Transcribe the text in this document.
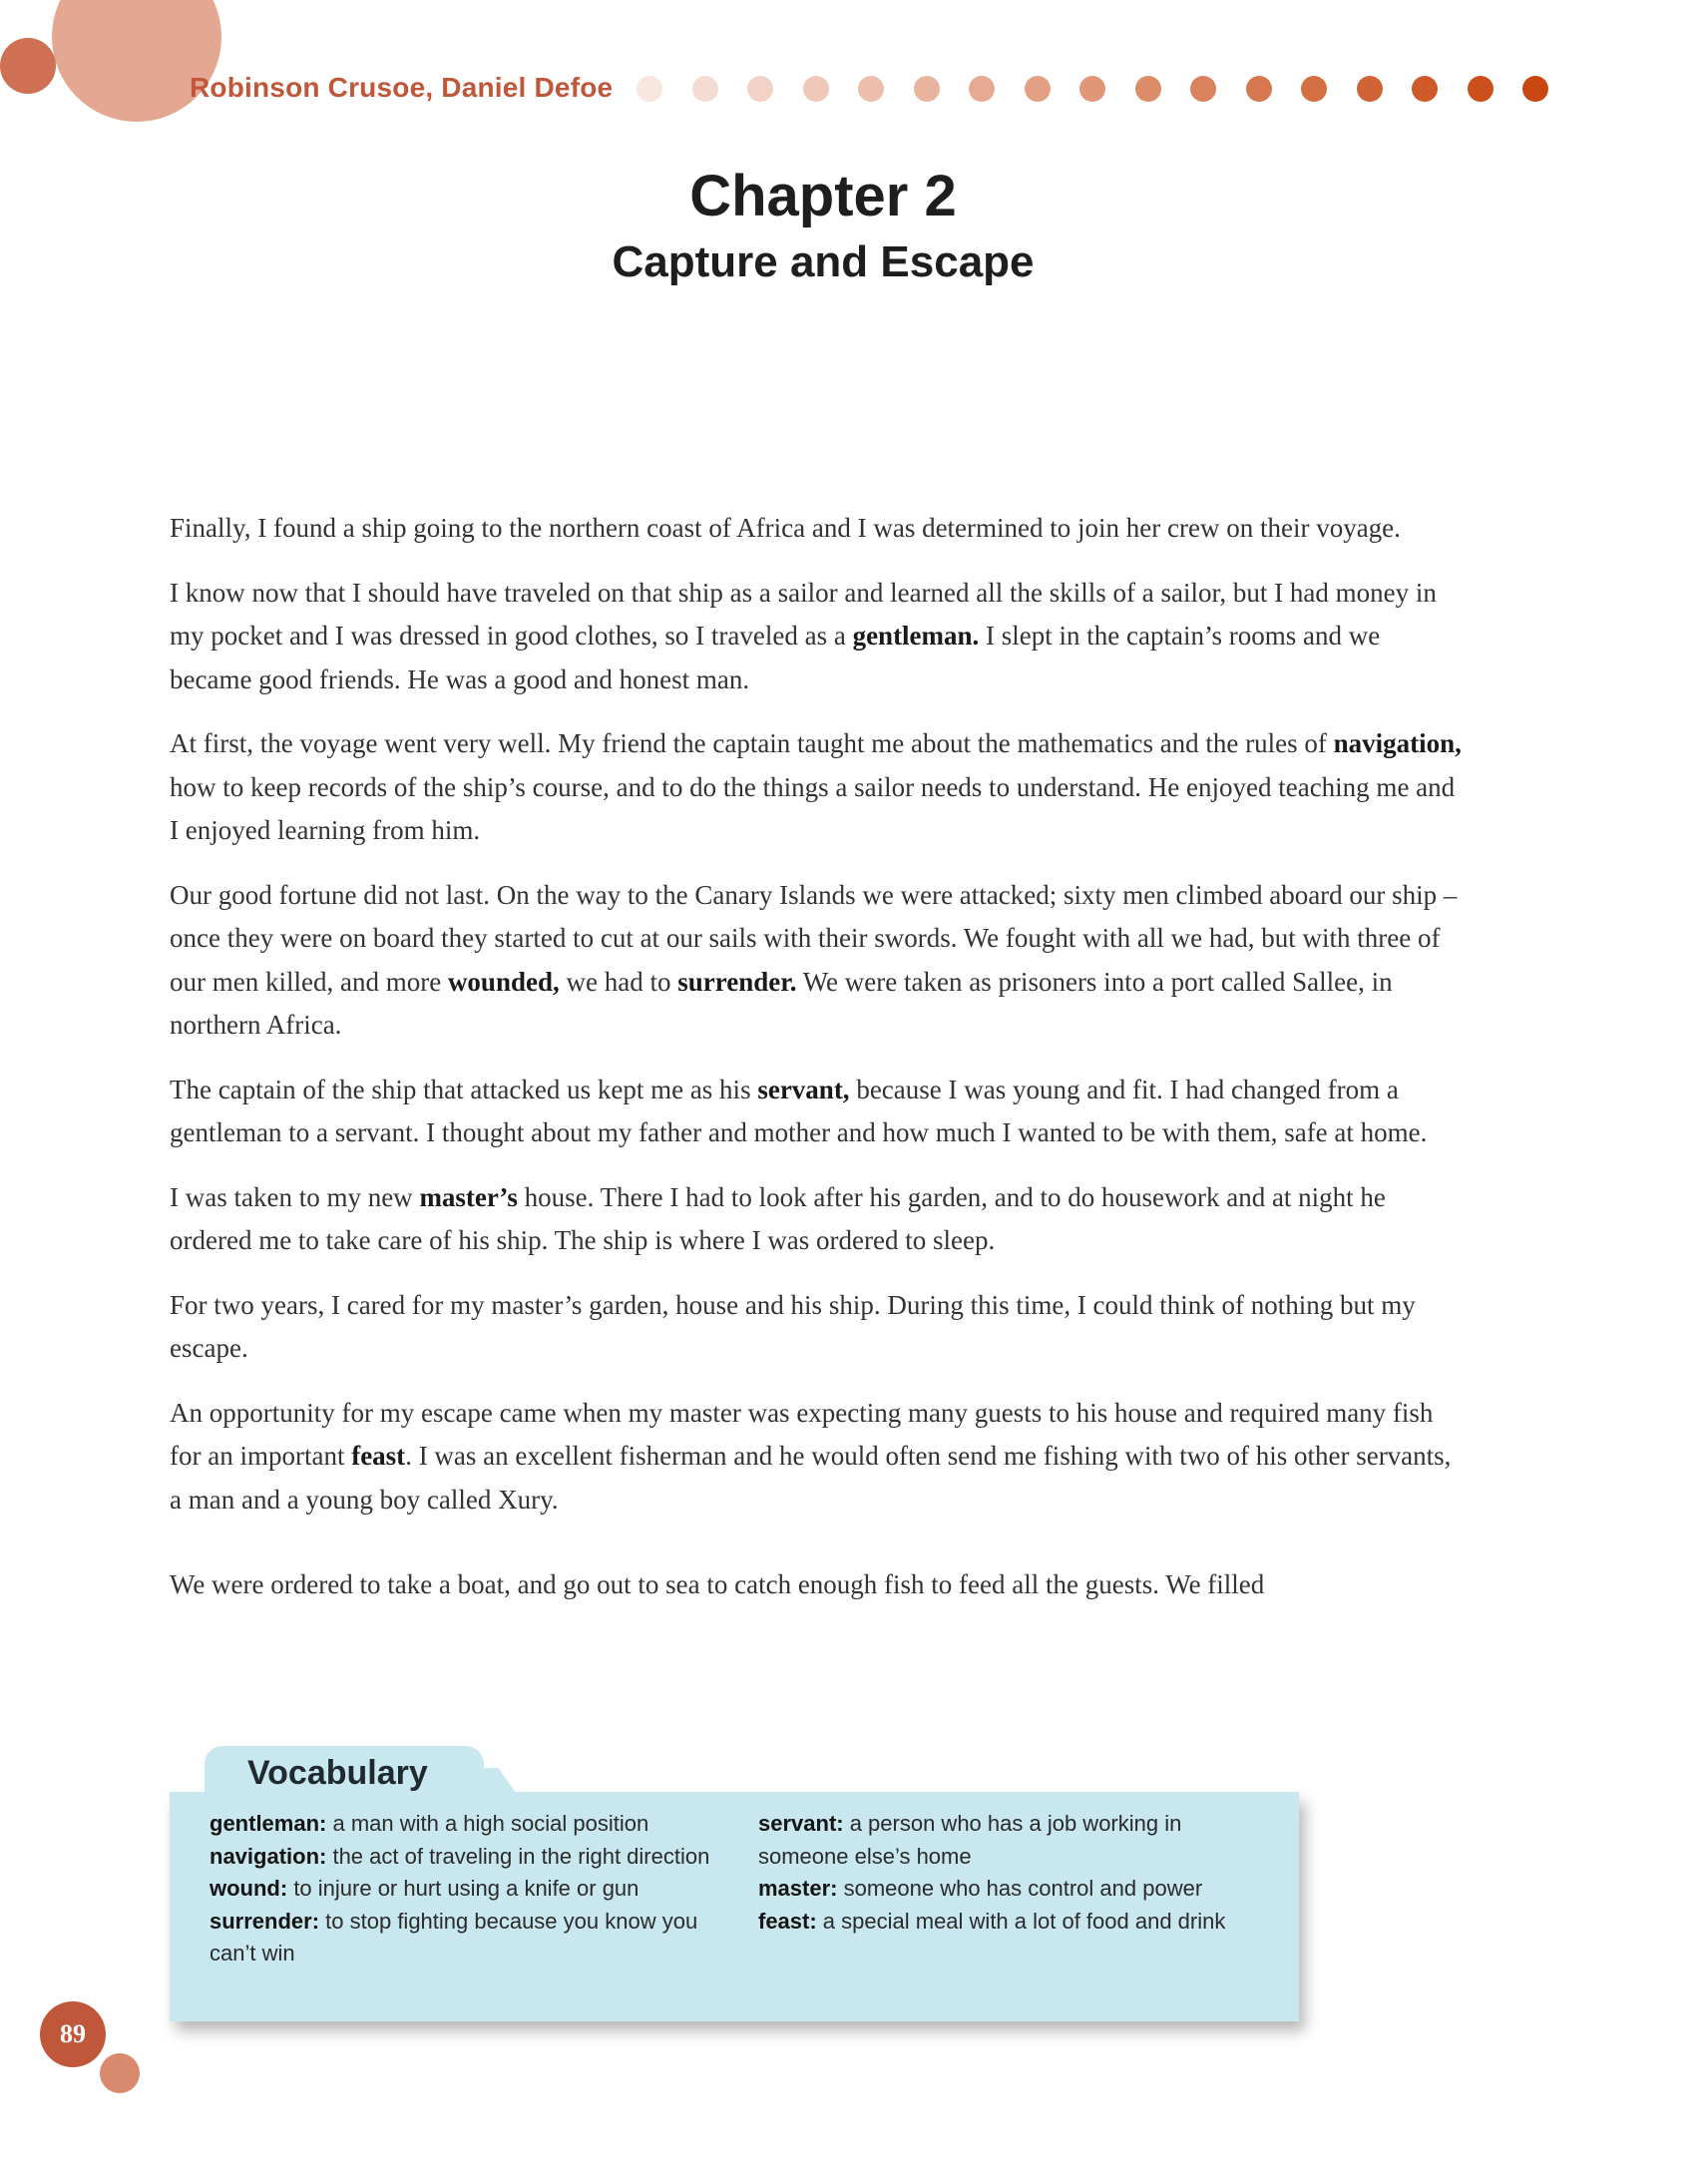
Robinson Crusoe, Daniel Defoe
Chapter 2
Capture and Escape

Finally, I found a ship going to the northern coast of Africa and I was determined to join her crew on their voyage.

I know now that I should have traveled on that ship as a sailor and learned all the skills of a sailor, but I had money in my pocket and I was dressed in good clothes, so I traveled as a gentleman. I slept in the captain’s rooms and we became good friends. He was a good and honest man.

At first, the voyage went very well. My friend the captain taught me about the mathematics and the rules of navigation, how to keep records of the ship’s course, and to do the things a sailor needs to understand. He enjoyed teaching me and I enjoyed learning from him.

Our good fortune did not last. On the way to the Canary Islands we were attacked; sixty men climbed aboard our ship – once they were on board they started to cut at our sails with their swords. We fought with all we had, but with three of our men killed, and more wounded, we had to surrender. We were taken as prisoners into a port called Sallee, in northern Africa.

The captain of the ship that attacked us kept me as his servant, because I was young and fit. I had changed from a gentleman to a servant. I thought about my father and mother and how much I wanted to be with them, safe at home.

I was taken to my new master’s house. There I had to look after his garden, and to do housework and at night he ordered me to take care of his ship. The ship is where I was ordered to sleep.

For two years, I cared for my master’s garden, house and his ship. During this time, I could think of nothing but my escape.

An opportunity for my escape came when my master was expecting many guests to his house and required many fish for an important feast. I was an excellent fisherman and he would often send me fishing with two of his other servants, a man and a young boy called Xury.

We were ordered to take a boat, and go out to sea to catch enough fish to feed all the guests. We filled

Vocabulary
gentleman: a man with a high social position
navigation: the act of traveling in the right direction
wound: to injure or hurt using a knife or gun
surrender: to stop fighting because you know you can’t win
servant: a person who has a job working in someone else’s home
master: someone who has control and power
feast: a special meal with a lot of food and drink
89
